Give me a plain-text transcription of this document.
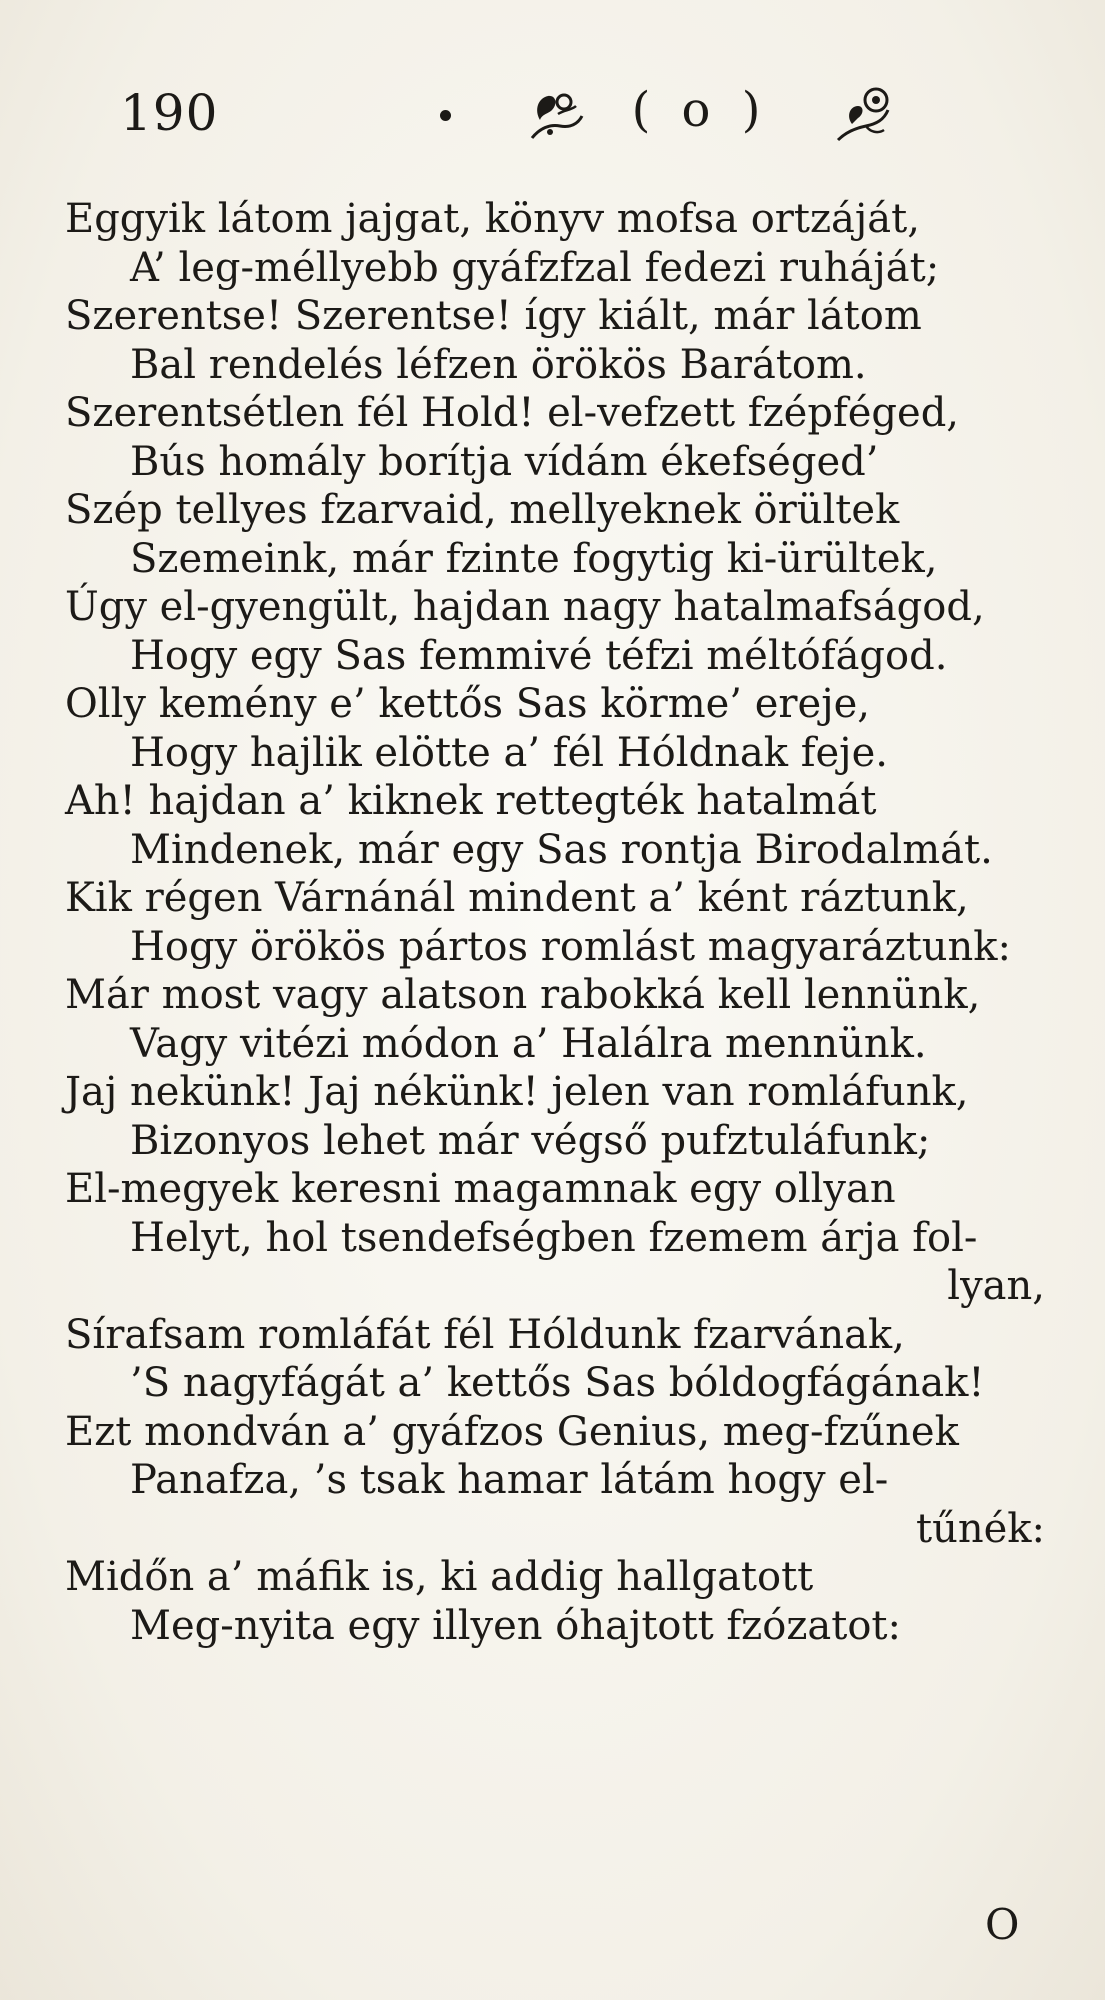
190	( o )
Eggyik látom jajgat, könyv mofsa ortzáját,
A’ leg-méllyebb gyáfzfzal fedezi ruháját;
Szerentse! Szerentse! így kiált, már látom
Bal rendelés léfzen örökös Barátom.
Szerentsétlen fél Hold! el-vefzett fzépféged,
Bús homály borítja vídám ékefséged’
Szép tellyes fzarvaid, mellyeknek örültek
Szemeink, már fzinte fogytig ki-ürültek,
Úgy el-gyengült, hajdan nagy hatalmafságod,
Hogy egy Sas femmivé téfzi méltófágod.
Olly kemény e’ kettős Sas körme’ ereje,
Hogy hajlik elötte a’ fél Hóldnak feje.
Ah! hajdan a’ kiknek rettegték hatalmát
Mindenek, már egy Sas rontja Birodalmát.
Kik régen Várnánál mindent a’ ként ráztunk,
Hogy örökös pártos romlást magyaráztunk:
Már most vagy alatson rabokká kell lennünk,
Vagy vitézi módon a’ Halálra mennünk.
Jaj nekünk! Jaj nékünk! jelen van romláfunk,
Bizonyos lehet már végső pufztuláfunk;
El-megyek keresni magamnak egy ollyan
Helyt, hol tsendefségben fzemem árja fol-
lyan,
Sírafsam romláfát fél Hóldunk fzarvának,
’S nagyfágát a’ kettős Sas bóldogfágának!
Ezt mondván a’ gyáfzos Genius, meg-fzűnek
Panafza, ’s tsak hamar látám hogy el-
tűnék:
Midőn a’ máfik is, ki addig hallgatott
Meg-nyita egy illyen óhajtott fzózatot:
O
